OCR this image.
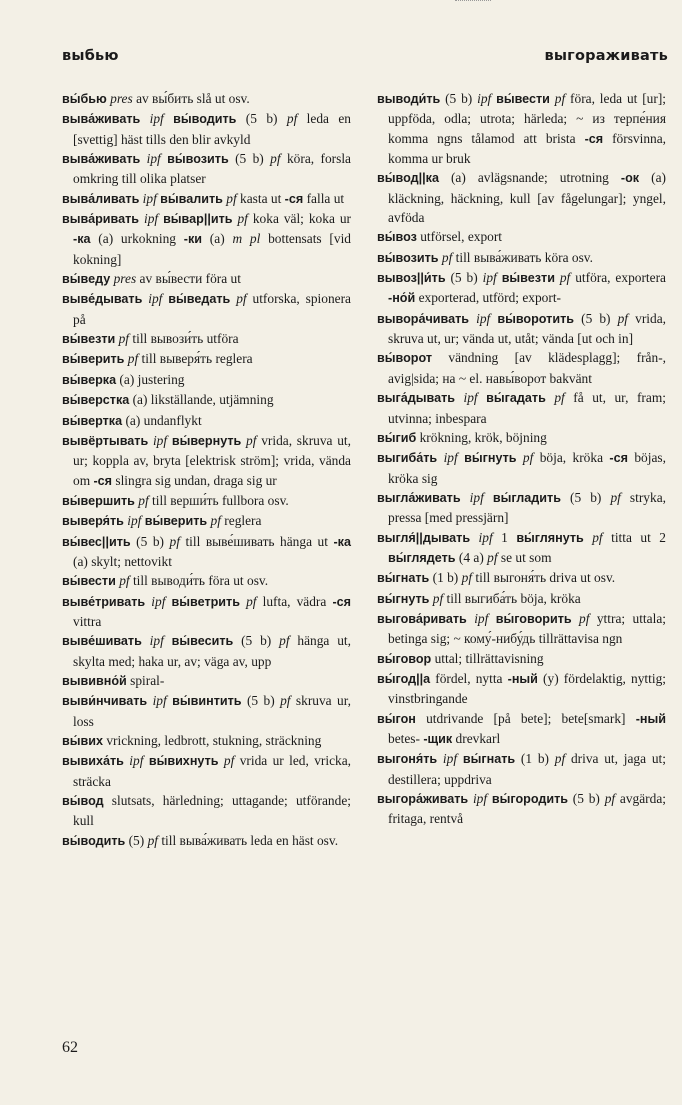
выбью	выгораживать

вы́бью pres av вы́бить slå ut osv.

выва́живать ipf вы́водить (5 b) pf leda en [svettig] häst tills den blir avkyld

выва́живать ipf вы́возить (5 b) pf köra, forsla omkring till olika platser

выва́ливать ipf вы́валить pf kasta ut -ся falla ut

выва́ривать ipf вы́вар||ить pf koka väl; koka ur -ка (a) urkokning -ки (a) m pl bottensats [vid kokning]

вы́веду pres av вы́вести föra ut

выве́дывать ipf вы́ведать pf utforska, spionera på

вы́везти pf till вывози́ть utföra

вы́верить pf till выверя́ть reglera

вы́верка (a) justering

вы́верстка (a) likställande, utjämning

вы́вертка (a) undanflykt

вывёртывать ipf вы́вернуть pf vrida, skruva ut, ur; koppla av, bryta [elektrisk ström]; vrida, vända om -ся slingra sig undan, draga sig ur

вы́вершить pf till верши́ть fullbora osv.

выверя́ть ipf вы́верить pf reglera

вы́вес||ить (5 b) pf till выве́шивать hänga ut -ка (a) skylt; nettovikt

вы́вести pf till выводи́ть föra ut osv.

выве́тривать ipf вы́ветрить pf lufta, vädra -ся vittra

выве́шивать ipf вы́весить (5 b) pf hänga ut, skylta med; haka ur, av; väga av, upp

вывивно́й spiral-

выви́нчивать ipf вы́винтить (5 b) pf skruva ur, loss

вы́вих vrickning, ledbrott, stukning, sträckning

вывиха́ть ipf вы́вихнуть pf vrida ur led, vricka, sträcka

вы́вод slutsats, härledning; uttagande; utförande; kull

вы́водить (5) pf till выва́живать leda en häst osv.

выводи́ть (5 b) ipf вы́вести pf föra, leda ut [ur]; uppföda, odla; utrota; härleda; ~ из терпе́ния komma ngns tålamod att brista -ся försvinna, komma ur bruk

вы́вод||ка (a) avlägsnande; utrotning -ок (a) kläckning, häckning, kull [av fågelungar]; yngel, avföda

вы́воз utförsel, export

вы́возить pf till выва́живать köra osv.

вывоз||и́ть (5 b) ipf вы́везти pf utföra, exportera -но́й exporterad, utförd; export-

вывора́чивать ipf вы́воротить (5 b) pf vrida, skruva ut, ur; vända ut, utåt; vända [ut och in]

вы́ворот vändning [av klädesplagg]; från-, avig|sida; на ~ el. навы́ворот bakvänt

выга́дывать ipf вы́гадать pf få ut, ur, fram; utvinna; inbespara

вы́гиб krökning, krök, böjning

выгиба́ть ipf вы́гнуть pf böja, kröka -ся böjas, kröka sig

выгла́живать ipf вы́гладить (5 b) pf stryka, pressa [med pressjärn]

выгля́||дывать ipf 1 вы́глянуть pf titta ut 2 вы́глядеть (4 a) pf se ut som

вы́гнать (1 b) pf till выгоня́ть driva ut osv.

вы́гнуть pf till выгиба́ть böja, kröka

выгова́ривать ipf вы́говорить pf yttra; uttala; betinga sig; ~ кому́-нибу́дь tillrättavisa ngn

вы́говор uttal; tillrättavisning

вы́год||а fördel, nytta -ный (y) fördelaktig, nyttig; vinstbringande

вы́гон utdrivande [på bete]; bete[smark] -ный betes- -щик drevkarl

выгоня́ть ipf вы́гнать (1 b) pf driva ut, jaga ut; destillera; uppdriva

выгора́живать ipf вы́городить (5 b) pf avgärda; fritaga, rentvå

62
